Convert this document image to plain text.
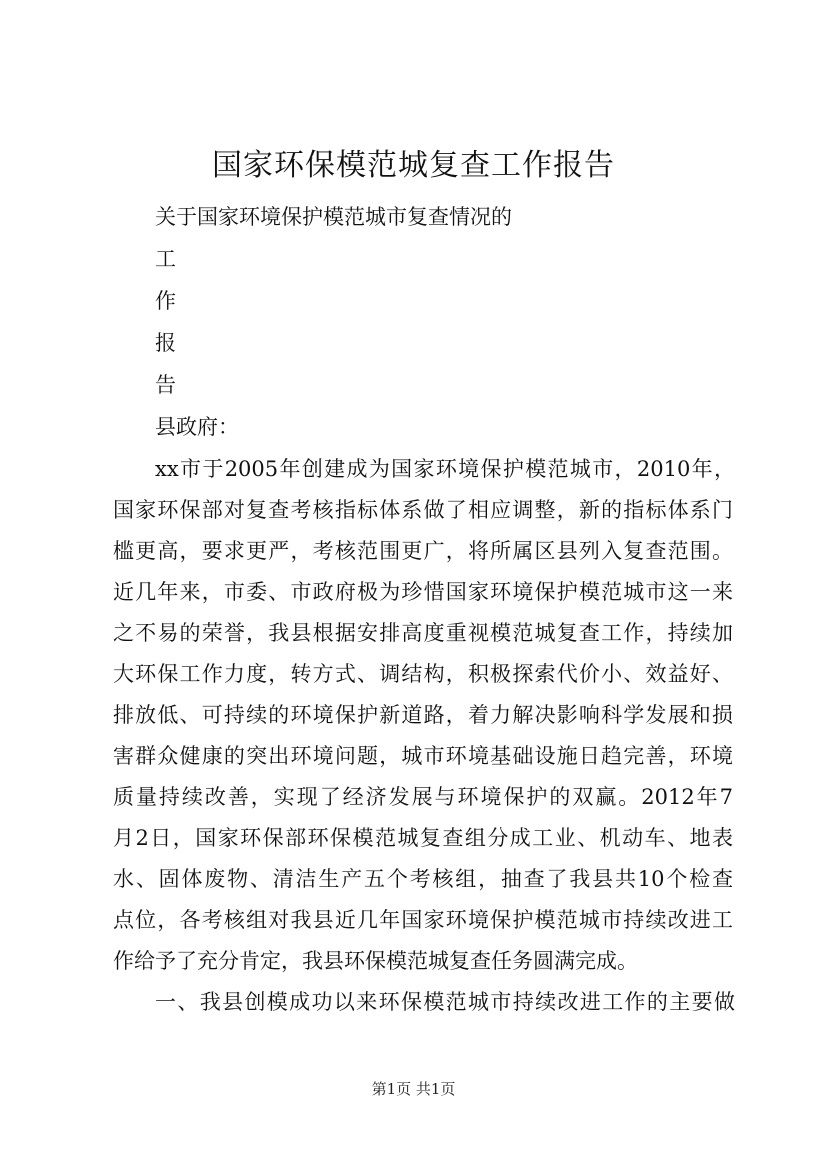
国家环保模范城复查工作报告
关于国家环境保护模范城市复查情况的
工
作
报
告
县政府：
xx市于2005年创建成为国家环境保护模范城市，2010年，
国家环保部对复查考核指标体系做了相应调整，新的指标体系门
槛更高，要求更严，考核范围更广，将所属区县列入复查范围。
近几年来，市委、市政府极为珍惜国家环境保护模范城市这一来
之不易的荣誉，我县根据安排高度重视模范城复查工作，持续加
大环保工作力度，转方式、调结构，积极探索代价小、效益好、
排放低、可持续的环境保护新道路，着力解决影响科学发展和损
害群众健康的突出环境问题，城市环境基础设施日趋完善，环境
质量持续改善，实现了经济发展与环境保护的双赢。2012年7
月2日，国家环保部环保模范城复查组分成工业、机动车、地表
水、固体废物、清洁生产五个考核组，抽查了我县共10个检查
点位，各考核组对我县近几年国家环境保护模范城市持续改进工
作给予了充分肯定，我县环保模范城复查任务圆满完成。
一、我县创模成功以来环保模范城市持续改进工作的主要做
第1页 共1页
